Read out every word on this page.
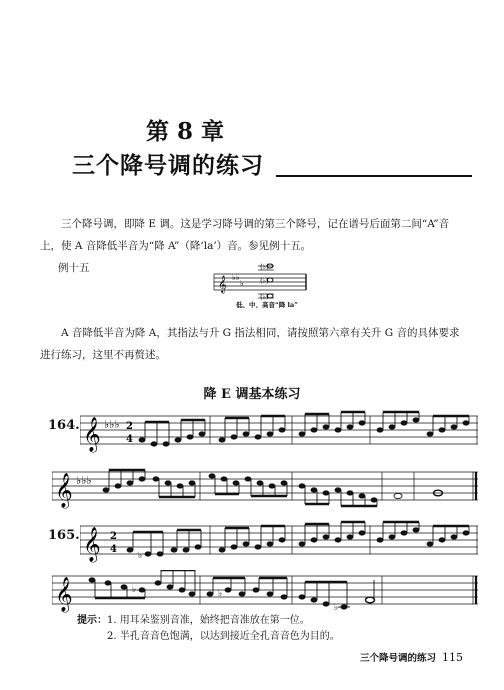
第 8 章
三个降号调的练习
三个降号调，即降 E 调。这是学习降号调的第三个降号，记在谱号后面第二间“A”音
上，使 A 音降低半音为“降 A”（降‘la’）音。参见例十五。
例十五
𝄞 ♭♭
♭
(♭)
(♭)
(♭)
低、中、高音“降 la”
A 音降低半音为降 A，其指法与升 G 指法相同，请按照第六章有关升 G 音的具体要求
进行练习，这里不再赘述。
降 E 调基本练习
164. 𝄞 ♭♭♭ 2
4
𝄞 ♭♭♭
165. 𝄞 2
4
♭
𝄞	♭	♭
♭
提示：1. 用耳朵鉴别音准，始终把音准放在第一位。
2. 半孔音音色饱满，以达到接近全孔音音色为目的。
三个降号调的练习 115
